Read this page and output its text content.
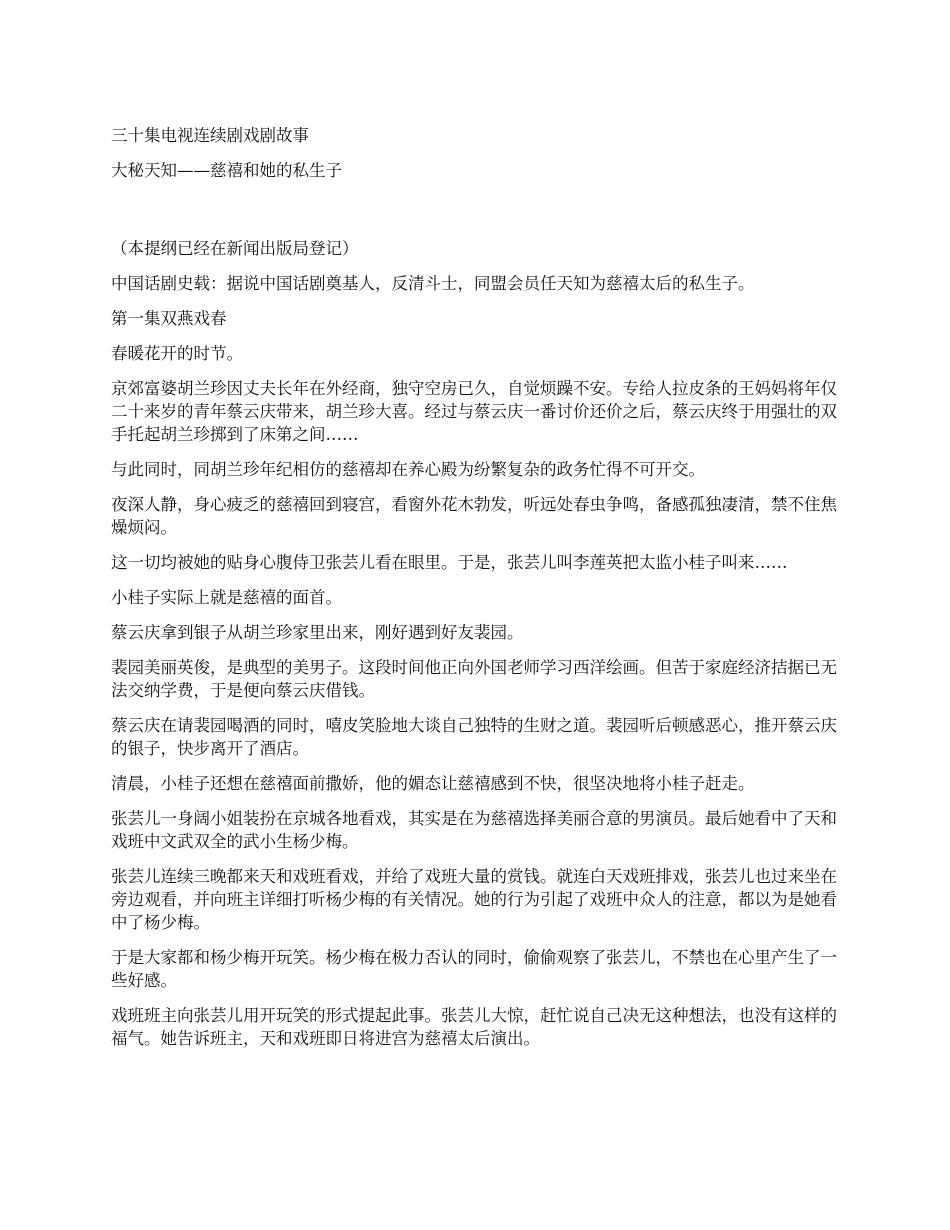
三十集电视连续剧戏剧故事

大秘天知——慈禧和她的私生子

（本提纲已经在新闻出版局登记）

中国话剧史载：据说中国话剧奠基人，反清斗士，同盟会员任天知为慈禧太后的私生子。

第一集双燕戏春

春暖花开的时节。

京郊富婆胡兰珍因丈夫长年在外经商，独守空房已久，自觉烦躁不安。专给人拉皮条的王妈妈将年仅二十来岁的青年蔡云庆带来，胡兰珍大喜。经过与蔡云庆一番讨价还价之后，蔡云庆终于用强壮的双手托起胡兰珍掷到了床第之间……

与此同时，同胡兰珍年纪相仿的慈禧却在养心殿为纷繁复杂的政务忙得不可开交。

夜深人静，身心疲乏的慈禧回到寝宫，看窗外花木勃发，听远处春虫争鸣，备感孤独凄清，禁不住焦燥烦闷。

这一切均被她的贴身心腹侍卫张芸儿看在眼里。于是，张芸儿叫李莲英把太监小桂子叫来……

小桂子实际上就是慈禧的面首。

蔡云庆拿到银子从胡兰珍家里出来，刚好遇到好友裴园。

裴园美丽英俊，是典型的美男子。这段时间他正向外国老师学习西洋绘画。但苦于家庭经济拮据已无法交纳学费，于是便向蔡云庆借钱。

蔡云庆在请裴园喝酒的同时，嘻皮笑脸地大谈自己独特的生财之道。裴园听后顿感恶心，推开蔡云庆的银子，快步离开了酒店。

清晨，小桂子还想在慈禧面前撒娇，他的媚态让慈禧感到不快，很坚决地将小桂子赶走。

张芸儿一身阔小姐装扮在京城各地看戏，其实是在为慈禧选择美丽合意的男演员。最后她看中了天和戏班中文武双全的武小生杨少梅。

张芸儿连续三晚都来天和戏班看戏，并给了戏班大量的赏钱。就连白天戏班排戏，张芸儿也过来坐在旁边观看，并向班主详细打听杨少梅的有关情况。她的行为引起了戏班中众人的注意，都以为是她看中了杨少梅。

于是大家都和杨少梅开玩笑。杨少梅在极力否认的同时，偷偷观察了张芸儿，不禁也在心里产生了一些好感。

戏班班主向张芸儿用开玩笑的形式提起此事。张芸儿大惊，赶忙说自己决无这种想法，也没有这样的福气。她告诉班主，天和戏班即日将进宫为慈禧太后演出。
